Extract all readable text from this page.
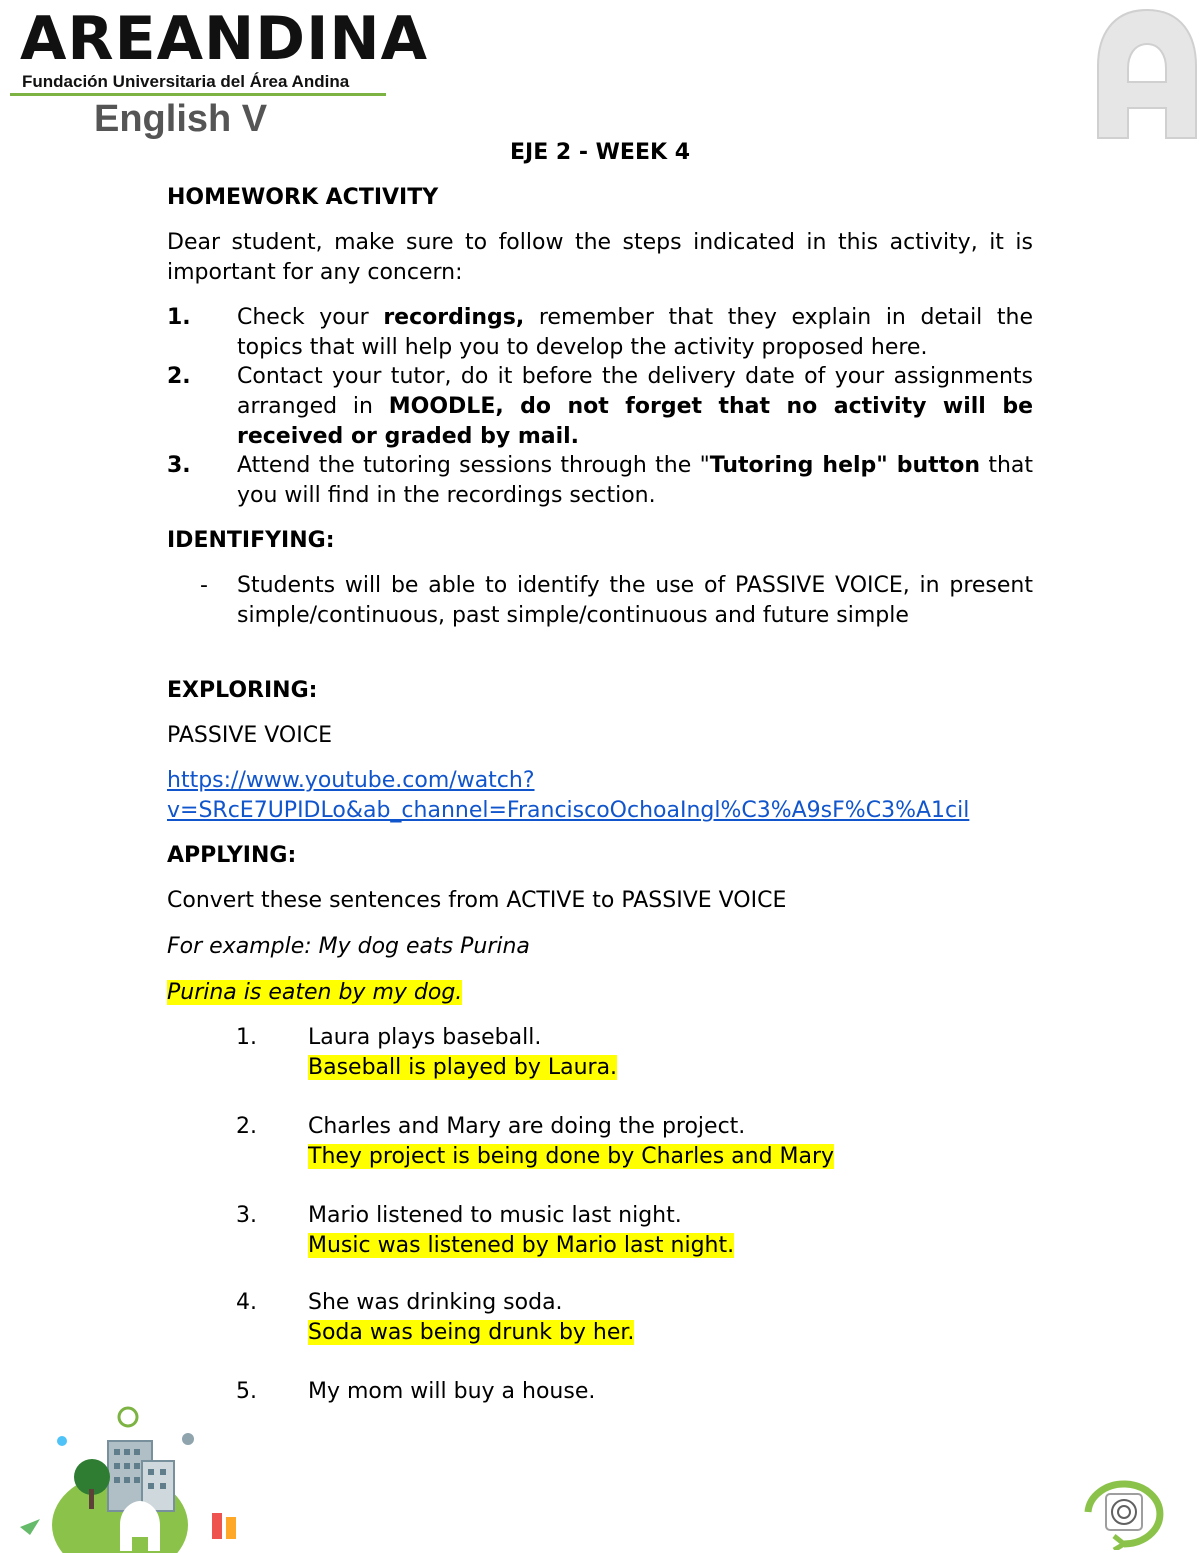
AREANDINA
Fundación Universitaria del Área Andina
English V
EJE 2 - WEEK 4
HOMEWORK ACTIVITY
Dear student, make sure to follow the steps indicated in this activity, it is important for any concern:
1. Check your recordings, remember that they explain in detail the topics that will help you to develop the activity proposed here.
2. Contact your tutor, do it before the delivery date of your assignments arranged in MOODLE, do not forget that no activity will be received or graded by mail.
3. Attend the tutoring sessions through the "Tutoring help" button that you will find in the recordings section.
IDENTIFYING:
- Students will be able to identify the use of PASSIVE VOICE, in present simple/continuous, past simple/continuous and future simple
EXPLORING:
PASSIVE VOICE
https://www.youtube.com/watch?
v=SRcE7UPIDLo&ab_channel=FranciscoOchoaIngl%C3%A9sF%C3%A1cil
APPLYING:
Convert these sentences from ACTIVE to PASSIVE VOICE
For example: My dog eats Purina
Purina is eaten by my dog.
1. Laura plays baseball.
Baseball is played by Laura.
2. Charles and Mary are doing the project.
They project is being done by Charles and Mary
3. Mario listened to music last night.
Music was listened by Mario last night.
4. She was drinking soda.
Soda was being drunk by her.
5. My mom will buy a house.
